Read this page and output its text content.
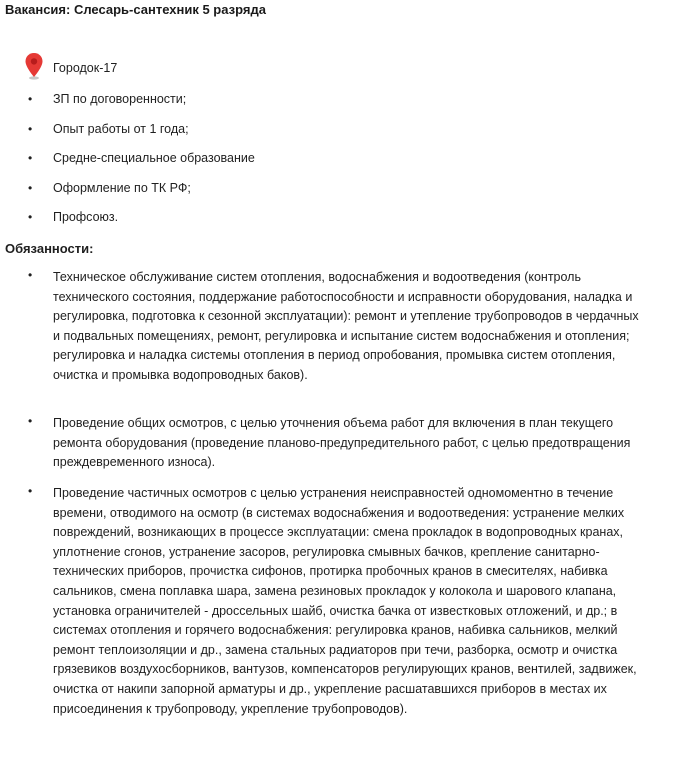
Вакансия: Слесарь-сантехник 5 разряда
Городок-17
• ЗП по договоренности;
• Опыт работы от 1 года;
• Средне-специальное образование
• Оформление по ТК РФ;
• Профсоюз.
Обязанности:
• Техническое обслуживание систем отопления, водоснабжения и водоотведения (контроль технического состояния, поддержание работоспособности и исправности оборудования, наладка и регулировка, подготовка к сезонной эксплуатации): ремонт и утепление трубопроводов в чердачных и подвальных помещениях, ремонт, регулировка и испытание систем водоснабжения и отопления; регулировка и наладка системы отопления в период опробования, промывка систем отопления, очистка и промывка водопроводных баков).
• Проведение общих осмотров, с целью уточнения объема работ для включения в план текущего ремонта оборудования (проведение планово-предупредительного работ, с целью предотвращения преждевременного износа).
• Проведение частичных осмотров с целью устранения неисправностей одномоментно в течение времени, отводимого на осмотр (в системах водоснабжения и водоотведения: устранение мелких повреждений, возникающих в процессе эксплуатации: смена прокладок в водопроводных кранах, уплотнение сгонов, устранение засоров, регулировка смывных бачков, крепление санитарно-технических приборов, прочистка сифонов, протирка пробочных кранов в смесителях, набивка сальников, смена поплавка шара, замена резиновых прокладок у колокола и шарового клапана, установка ограничителей - дроссельных шайб, очистка бачка от известковых отложений, и др.; в системах отопления и горячего водоснабжения: регулировка кранов, набивка сальников, мелкий ремонт теплоизоляции и др., замена стальных радиаторов при течи, разборка, осмотр и очистка грязевиков воздухосборников, вантузов, компенсаторов регулирующих кранов, вентилей, задвижек, очистка от накипи запорной арматуры и др., укрепление расшатавшихся приборов в местах их присоединения к трубопроводу, укрепление трубопроводов).
